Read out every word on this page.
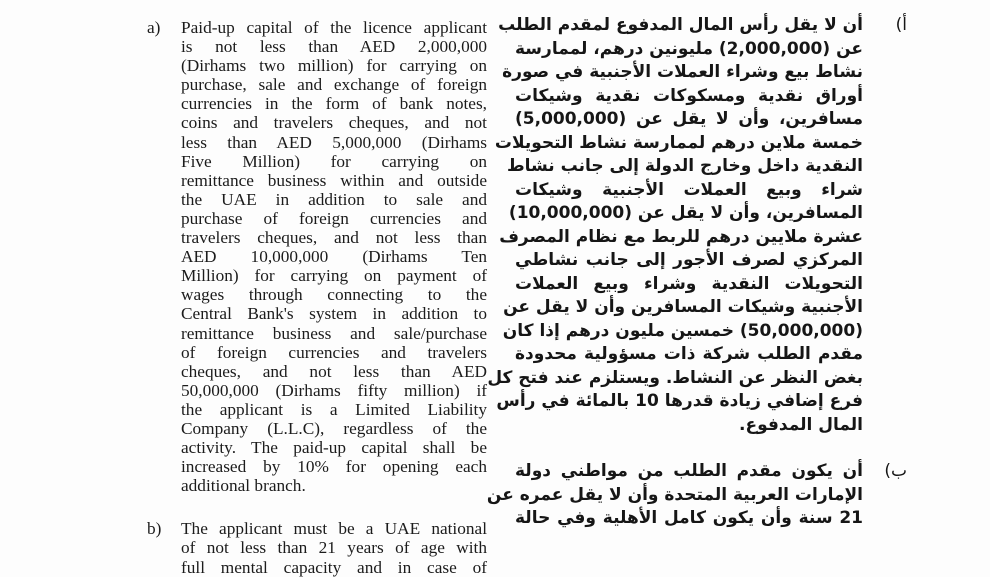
a) Paid-up capital of the licence applicant
is not less than AED 2,000,000
(Dirhams two million) for carrying on
purchase, sale and exchange of foreign
currencies in the form of bank notes,
coins and travelers cheques, and not
less than AED 5,000,000 (Dirhams
Five Million) for carrying on
remittance business within and outside
the UAE in addition to sale and
purchase of foreign currencies and
travelers cheques, and not less than
AED 10,000,000 (Dirhams Ten
Million) for carrying on payment of
wages through connecting to the
Central Bank's system in addition to
remittance business and sale/purchase
of foreign currencies and travelers
cheques, and not less than AED
50,000,000 (Dirhams fifty million) if
the applicant is a Limited Liability
Company (L.L.C), regardless of the
activity. The paid-up capital shall be
increased by 10% for opening each
additional branch.
b) The applicant must be a UAE national
of not less than 21 years of age with
full mental capacity and in case of
أ)
أن لا يقل رأس المال المدفوع لمقدم الطلب
عن (2,000,000) مليونين درهم، لممارسة
نشاط بيع وشراء العملات الأجنبية في صورة
أوراق نقدية ومسكوكات نقدية وشيكات
مسافرين، وأن لا يقل عن (5,000,000)
خمسة ملاين درهم لممارسة نشاط التحويلات
النقدية داخل وخارج الدولة إلى جانب نشاط
شراء وبيع العملات الأجنبية وشيكات
المسافرين، وأن لا يقل عن (10,000,000)
عشرة ملايين درهم للربط مع نظام المصرف
المركزي لصرف الأجور إلى جانب نشاطي
التحويلات النقدية وشراء وبيع العملات
الأجنبية وشيكات المسافرين وأن لا يقل عن
(50,000,000) خمسين مليون درهم إذا كان
مقدم الطلب شركة ذات مسؤولية محدودة
بغض النظر عن النشاط. ويستلزم عند فتح كل
فرع إضافي زيادة قدرها 10 بالمائة في رأس
المال المدفوع.
ب)
أن يكون مقدم الطلب من مواطني دولة
الإمارات العربية المتحدة وأن لا يقل عمره عن
21 سنة وأن يكون كامل الأهلية وفي حالة
